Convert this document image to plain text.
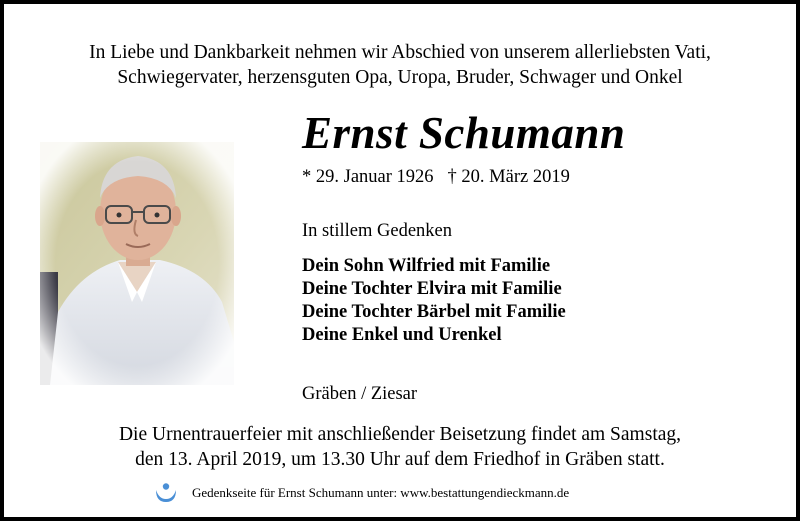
In Liebe und Dankbarkeit nehmen wir Abschied von unserem allerliebsten Vati,
Schwiegervater, herzensguten Opa, Uropa, Bruder, Schwager und Onkel
Ernst Schumann
* 29. Januar 1926 † 20. März 2019
In stillem Gedenken
Dein Sohn Wilfried mit Familie
Deine Tochter Elvira mit Familie
Deine Tochter Bärbel mit Familie
Deine Enkel und Urenkel
Gräben / Ziesar
Die Urnentrauerfeier mit anschließender Beisetzung findet am Samstag,
den 13. April 2019, um 13.30 Uhr auf dem Friedhof in Gräben statt.
Gedenkseite für Ernst Schumann unter: www.bestattungendieckmann.de
